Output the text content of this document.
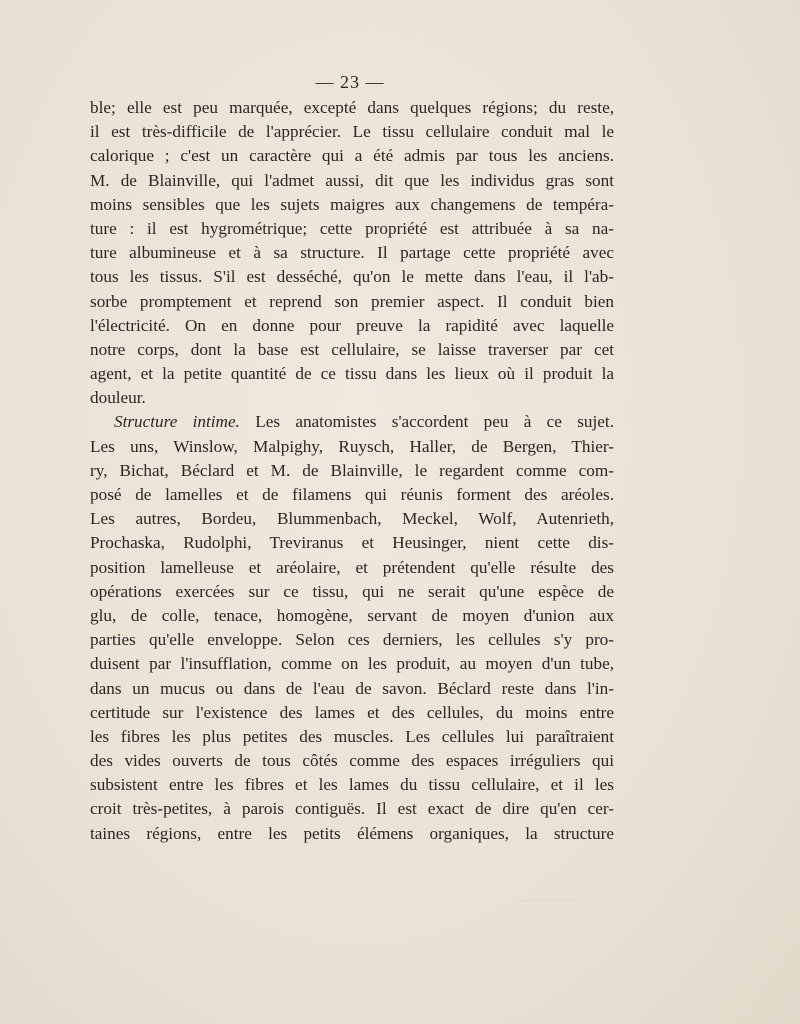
— 23 —
ble; elle est peu marquée, excepté dans quelques régions; du reste,
il est très-difficile de l'apprécier. Le tissu cellulaire conduit mal le
calorique ; c'est un caractère qui a été admis par tous les anciens.
M. de Blainville, qui l'admet aussi, dit que les individus gras sont
moins sensibles que les sujets maigres aux changemens de tempéra-
ture : il est hygrométrique; cette propriété est attribuée à sa na-
ture albumineuse et à sa structure. Il partage cette propriété avec
tous les tissus. S'il est desséché, qu'on le mette dans l'eau, il l'ab-
sorbe promptement et reprend son premier aspect. Il conduit bien
l'électricité. On en donne pour preuve la rapidité avec laquelle
notre corps, dont la base est cellulaire, se laisse traverser par cet
agent, et la petite quantité de ce tissu dans les lieux où il produit la
douleur.
Structure intime. Les anatomistes s'accordent peu à ce sujet.
Les uns, Winslow, Malpighy, Ruysch, Haller, de Bergen, Thier-
ry, Bichat, Béclard et M. de Blainville, le regardent comme com-
posé de lamelles et de filamens qui réunis forment des aréoles.
Les autres, Bordeu, Blummenbach, Meckel, Wolf, Autenrieth,
Prochaska, Rudolphi, Treviranus et Heusinger, nient cette dis-
position lamelleuse et aréolaire, et prétendent qu'elle résulte des
opérations exercées sur ce tissu, qui ne serait qu'une espèce de
glu, de colle, tenace, homogène, servant de moyen d'union aux
parties qu'elle enveloppe. Selon ces derniers, les cellules s'y pro-
duisent par l'insufflation, comme on les produit, au moyen d'un tube,
dans un mucus ou dans de l'eau de savon. Béclard reste dans l'in-
certitude sur l'existence des lames et des cellules, du moins entre
les fibres les plus petites des muscles. Les cellules lui paraîtraient
des vides ouverts de tous côtés comme des espaces irréguliers qui
subsistent entre les fibres et les lames du tissu cellulaire, et il les
croit très-petites, à parois contiguës. Il est exact de dire qu'en cer-
taines régions, entre les petits élémens organiques, la structure
